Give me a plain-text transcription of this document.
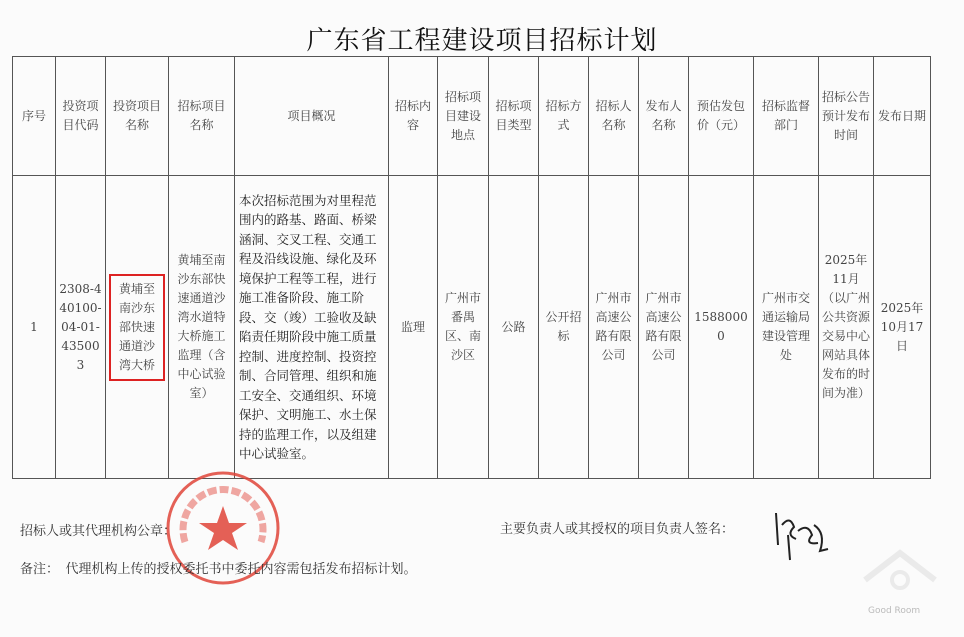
广东省工程建设项目招标计划
序号	投资项目代码	投资项目名称	招标项目名称	项目概况	招标内容	招标项目建设地点	招标项目类型	招标方式	招标人名称	发布人名称	预估发包价（元）	招标监督部门	招标公告预计发布时间	发布日期
1	2308-440100-04-01-435003	黄埔至南沙东部快速通道沙湾大桥	黄埔至南沙东部快速通道沙湾水道特大桥施工监理（含中心试验室）	本次招标范围为对里程范围内的路基、路面、桥梁涵洞、交叉工程、交通工程及沿线设施、绿化及环境保护工程等工程，进行施工准备阶段、施工阶段、交（竣）工验收及缺陷责任期阶段中施工质量控制、进度控制、投资控制、合同管理、组织和施工安全、交通组织、环境保护、文明施工、水土保持的监理工作，以及组建中心试验室。	监理	广州市番禺区、南沙区	公路	公开招标	广州市高速公路有限公司	广州市高速公路有限公司	15880000	广州市交通运输局建设管理处	2025年11月（以广州公共资源交易中心网站具体发布的时间为准）	2025年10月17日
招标人或其代理机构公章：
备注：　代理机构上传的授权委托书中委托内容需包括发布招标计划。
主要负责人或其授权的项目负责人签名：
Good Room
